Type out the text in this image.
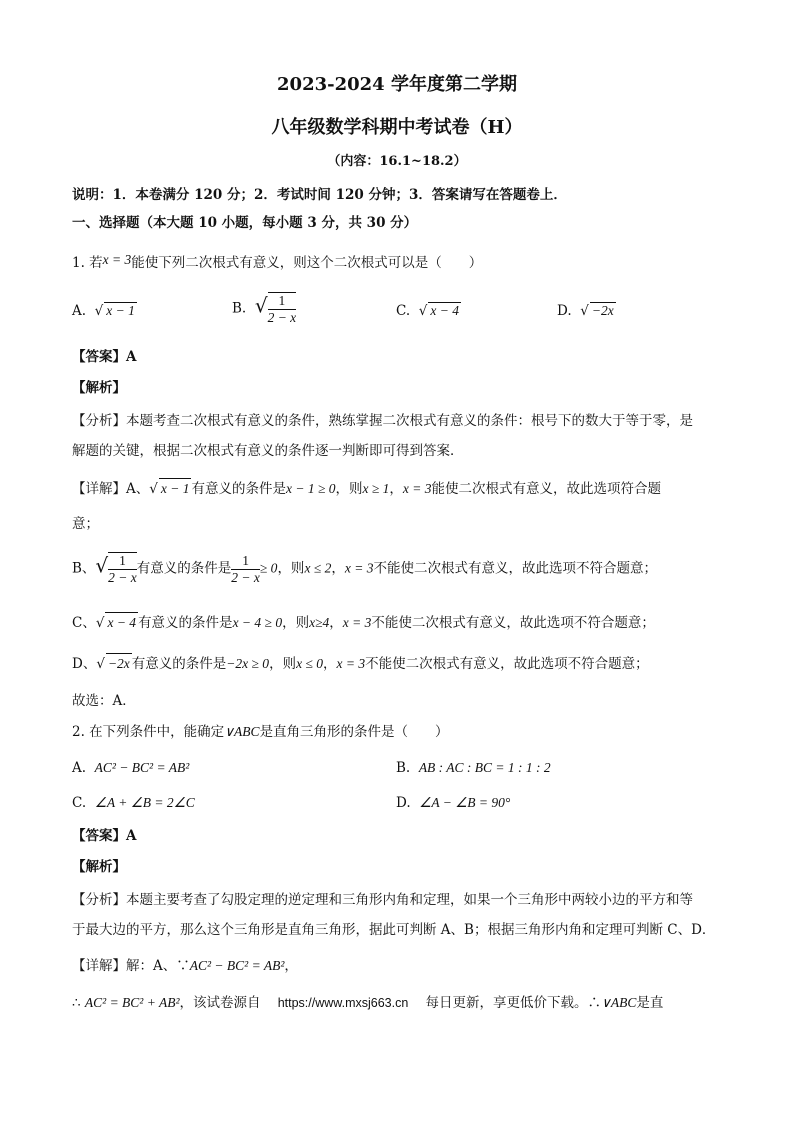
2023-2024 学年度第二学期
八年级数学科期中考试卷（H）
（内容：16.1~18.2）
说明：1．本卷满分 120 分；2．考试时间 120 分钟；3．答案请写在答题卷上．
一、选择题（本大题 10 小题，每小题 3 分，共 30 分）
1. 若x = 3能使下列二次根式有意义，则这个二次根式可以是（　　）
A. √ x − 1	B. √ $\frac{1}{2 - x}$	C. √ x − 4	D. √ −2x
【答案】A
【解析】
【分析】本题考查二次根式有意义的条件，熟练掌握二次根式有意义的条件：根号下的数大于等于零，是
解题的关键，根据二次根式有意义的条件逐一判断即可得到答案．
【详解】A、√ x − 1 有意义的条件是x − 1 ≥ 0，则x ≥ 1，x = 3能使二次根式有意义，故此选项符合题
意；
B、√ $\frac{1}{2 - x}$ 有意义的条件是 $\frac{1}{2 - x} \ge 0$，则x ≤ 2，x = 3不能使二次根式有意义，故此选项不符合题意；
C、√ x − 4 有意义的条件是x − 4 ≥ 0，则x≥4，x = 3不能使二次根式有意义，故此选项不符合题意；
D、√ −2x 有意义的条件是−2x ≥ 0，则x ≤ 0，x = 3不能使二次根式有意义，故此选项不符合题意；
故选：A．
2. 在下列条件中，能确定∨ABC是直角三角形的条件是（　　）
A. AC² − BC² = AB²	B. AB : AC : BC = 1 : 1 : 2
C. ∠A + ∠B = 2∠C	D. ∠A − ∠B = 90°
【答案】A
【解析】
【分析】本题主要考查了勾股定理的逆定理和三角形内角和定理，如果一个三角形中两较小边的平方和等
于最大边的平方，那么这个三角形是直角三角形，据此可判断 A、B；根据三角形内角和定理可判断 C、D．
【详解】解：A、∵AC² − BC² = AB²，
∴ AC² = BC² + AB²，该试卷源自 https://www.mxsj663.cn 每日更新，享更低价下载。∴∨ABC是直
